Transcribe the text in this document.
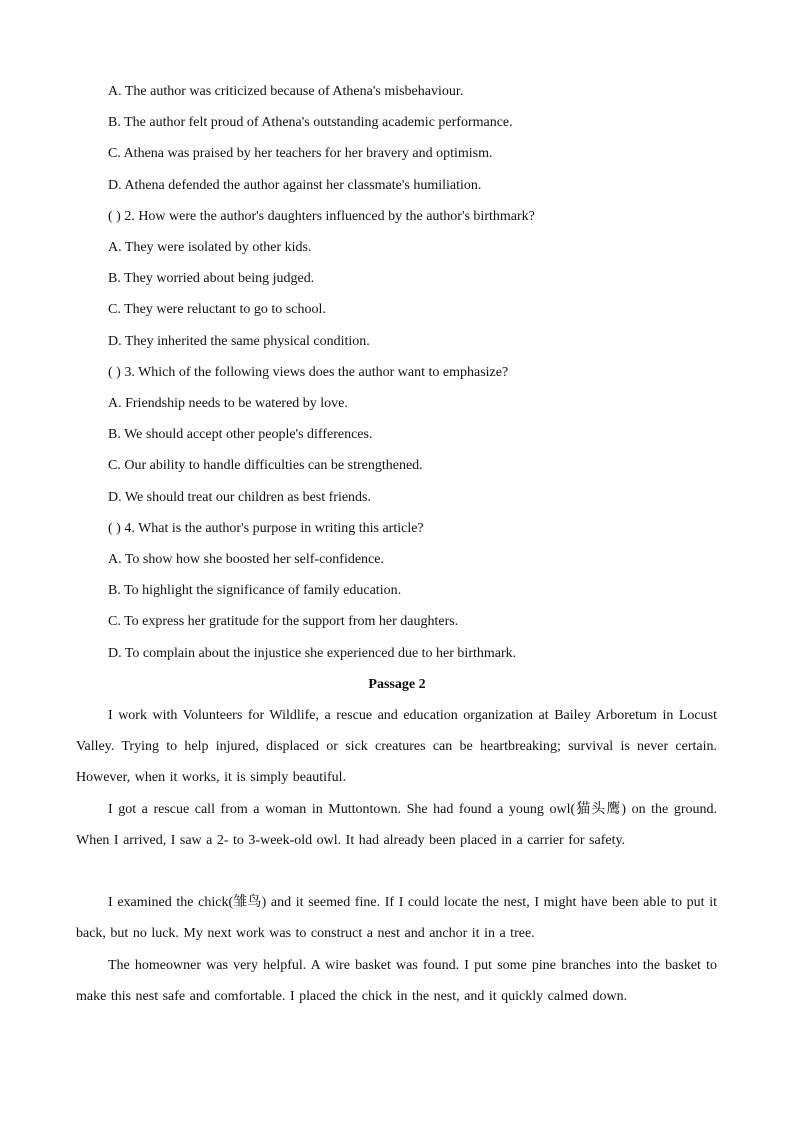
A. The author was criticized because of Athena's misbehaviour.
B. The author felt proud of Athena's outstanding academic performance.
C. Athena was praised by her teachers for her bravery and optimism.
D. Athena defended the author against her classmate's humiliation.
( ) 2. How were the author's daughters influenced by the author's birthmark?
A. They were isolated by other kids.
B. They worried about being judged.
C. They were reluctant to go to school.
D. They inherited the same physical condition.
( ) 3. Which of the following views does the author want to emphasize?
A. Friendship needs to be watered by love.
B. We should accept other people's differences.
C. Our ability to handle difficulties can be strengthened.
D. We should treat our children as best friends.
( ) 4. What is the author's purpose in writing this article?
A. To show how she boosted her self-confidence.
B. To highlight the significance of family education.
C. To express her gratitude for the support from her daughters.
D. To complain about the injustice she experienced due to her birthmark.
Passage 2
I work with Volunteers for Wildlife, a rescue and education organization at Bailey Arboretum in Locust Valley. Trying to help injured, displaced or sick creatures can be heartbreaking; survival is never certain. However, when it works, it is simply beautiful.
I got a rescue call from a woman in Muttontown. She had found a young owl(猫头鹰) on the ground. When I arrived, I saw a 2- to 3-week-old owl. It had already been placed in a carrier for safety.
I examined the chick(雏鸟) and it seemed fine. If I could locate the nest, I might have been able to put it back, but no luck. My next work was to construct a nest and anchor it in a tree.
The homeowner was very helpful. A wire basket was found. I put some pine branches into the basket to make this nest safe and comfortable. I placed the chick in the nest, and it quickly calmed down.
